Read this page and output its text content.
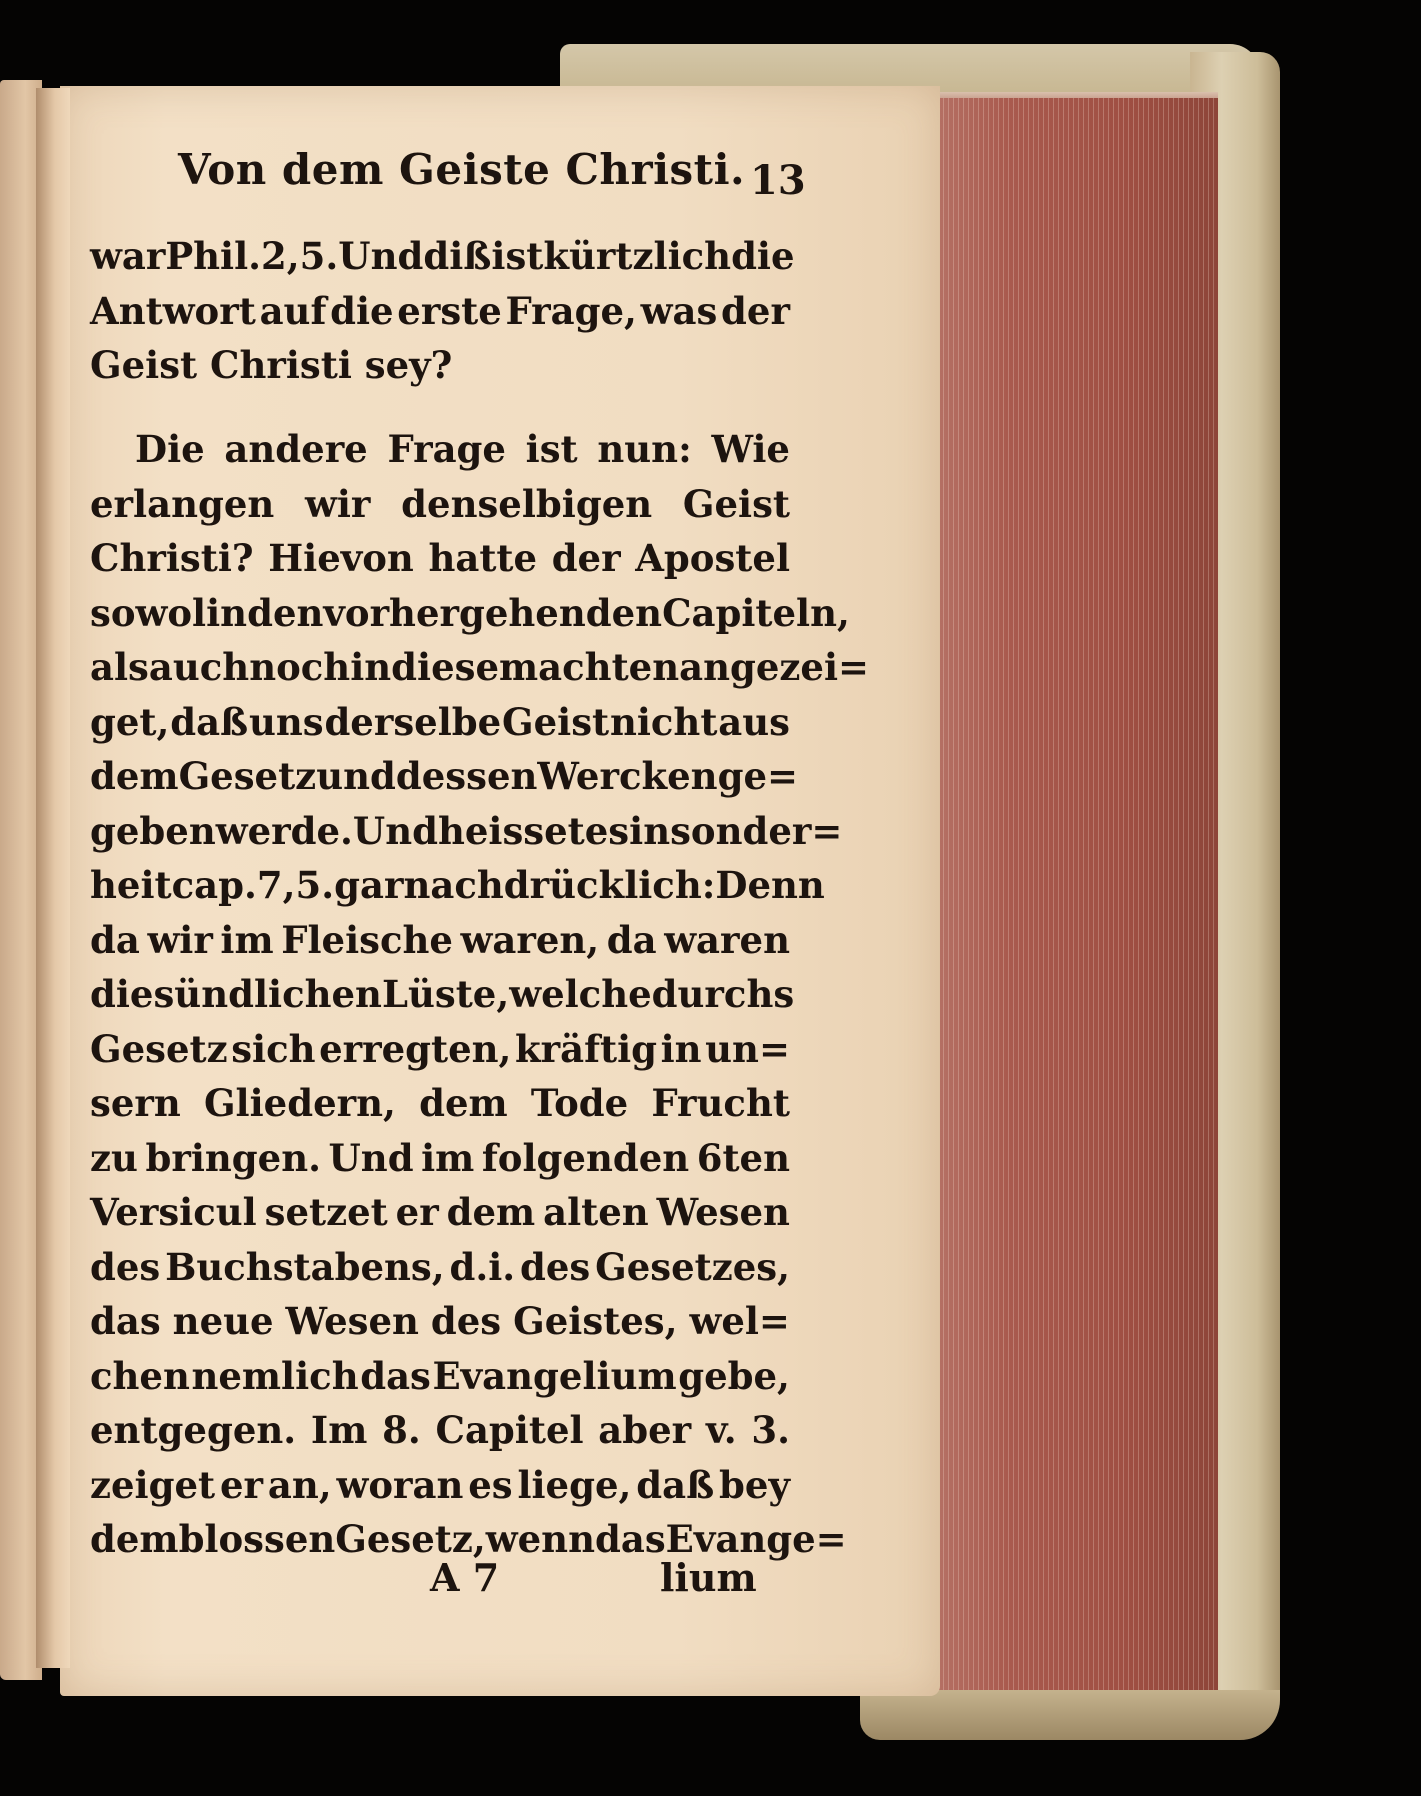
Von dem Geiste Christi. 13
war Phil.2,5. Und diß ist kürtzlich die
Antwort auf die erste Frage, was der
Geist Christi sey?
Die andere Frage ist nun: Wie
erlangen wir denselbigen Geist
Christi? Hievon hatte der Apostel
so wol in den vorhergehenden Capiteln,
als auch noch in diesem achten angezei=
get, daß uns derselbe Geist nicht aus
dem Gesetz und dessen Wercken ge=
geben werde. Und heisset es insonder=
heit cap.7,5. gar nachdrücklich: Denn
da wir im Fleische waren, da waren
die sündlichen Lüste, welche durchs
Gesetz sich erregten, kräftig in un=
sern Gliedern, dem Tode Frucht
zu bringen. Und im folgenden 6ten
Versicul setzet er dem alten Wesen
des Buchstabens, d.i. des Gesetzes,
das neue Wesen des Geistes, wel=
chen nemlich das Evangelium gebe,
entgegen. Im 8. Capitel aber v. 3.
zeiget er an, woran es liege, daß bey
dem blossen Gesetz, wenn das Evange=
A 7	lium
